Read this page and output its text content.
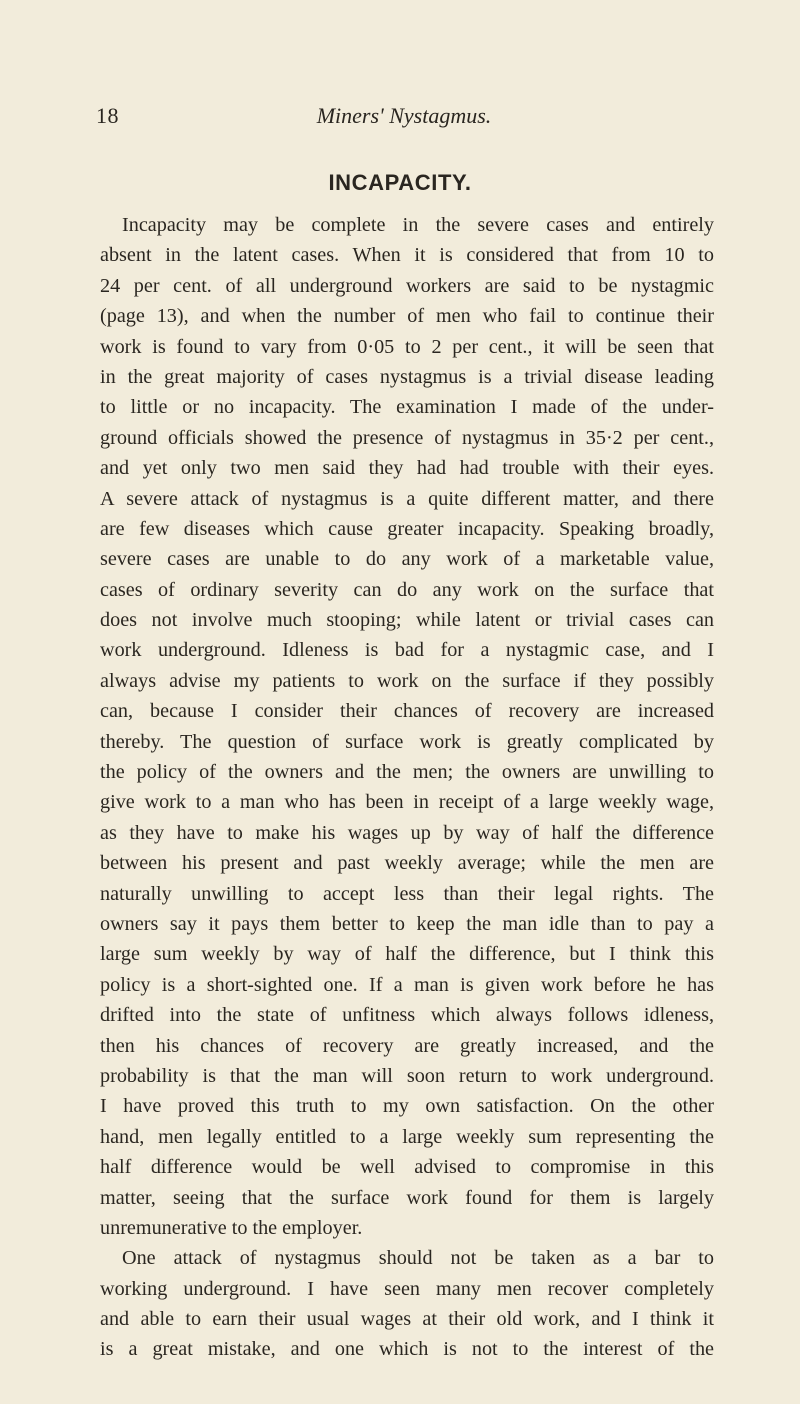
18	Miners' Nystagmus.
INCAPACITY.
Incapacity may be complete in the severe cases and entirely
absent in the latent cases. When it is considered that from 10 to
24 per cent. of all underground workers are said to be nystagmic
(page 13), and when the number of men who fail to continue their
work is found to vary from 0·05 to 2 per cent., it will be seen that
in the great majority of cases nystagmus is a trivial disease leading
to little or no incapacity. The examination I made of the under-
ground officials showed the presence of nystagmus in 35·2 per cent.,
and yet only two men said they had had trouble with their eyes.
A severe attack of nystagmus is a quite different matter, and there
are few diseases which cause greater incapacity. Speaking broadly,
severe cases are unable to do any work of a marketable value,
cases of ordinary severity can do any work on the surface that
does not involve much stooping; while latent or trivial cases can
work underground. Idleness is bad for a nystagmic case, and I
always advise my patients to work on the surface if they possibly
can, because I consider their chances of recovery are increased
thereby. The question of surface work is greatly complicated by
the policy of the owners and the men; the owners are unwilling to
give work to a man who has been in receipt of a large weekly wage,
as they have to make his wages up by way of half the difference
between his present and past weekly average; while the men are
naturally unwilling to accept less than their legal rights. The
owners say it pays them better to keep the man idle than to pay a
large sum weekly by way of half the difference, but I think this
policy is a short-sighted one. If a man is given work before he has
drifted into the state of unfitness which always follows idleness,
then his chances of recovery are greatly increased, and the
probability is that the man will soon return to work underground.
I have proved this truth to my own satisfaction. On the other
hand, men legally entitled to a large weekly sum representing the
half difference would be well advised to compromise in this
matter, seeing that the surface work found for them is largely
unremunerative to the employer.
One attack of nystagmus should not be taken as a bar to
working underground. I have seen many men recover completely
and able to earn their usual wages at their old work, and I think it
is a great mistake, and one which is not to the interest of the
